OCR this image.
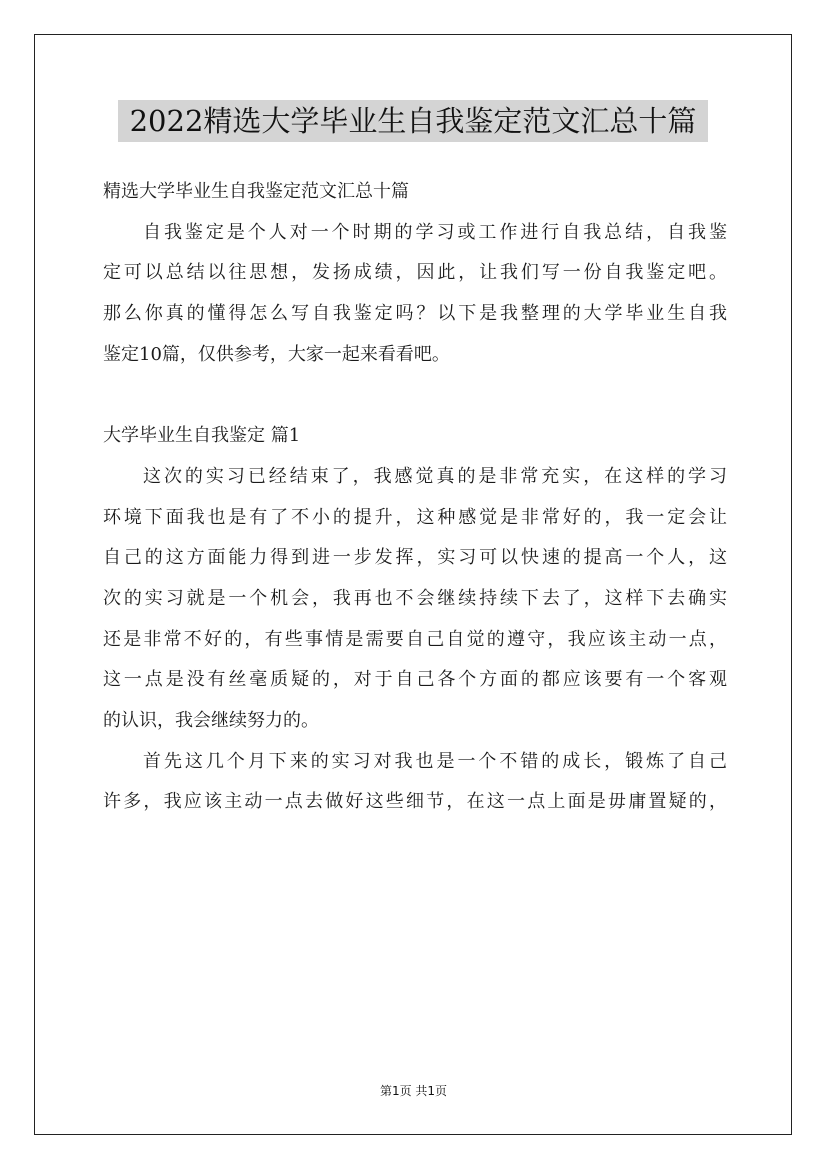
2022精选大学毕业生自我鉴定范文汇总十篇
精选大学毕业生自我鉴定范文汇总十篇
自我鉴定是个人对一个时期的学习或工作进行自我总结，自我鉴
定可以总结以往思想，发扬成绩，因此，让我们写一份自我鉴定吧。
那么你真的懂得怎么写自我鉴定吗？以下是我整理的大学毕业生自我
鉴定10篇，仅供参考，大家一起来看看吧。
大学毕业生自我鉴定 篇1
这次的实习已经结束了，我感觉真的是非常充实，在这样的学习
环境下面我也是有了不小的提升，这种感觉是非常好的，我一定会让
自己的这方面能力得到进一步发挥，实习可以快速的提高一个人，这
次的实习就是一个机会，我再也不会继续持续下去了，这样下去确实
还是非常不好的，有些事情是需要自己自觉的遵守，我应该主动一点，
这一点是没有丝毫质疑的，对于自己各个方面的都应该要有一个客观
的认识，我会继续努力的。
首先这几个月下来的实习对我也是一个不错的成长，锻炼了自己
许多，我应该主动一点去做好这些细节，在这一点上面是毋庸置疑的，
第1页 共1页
